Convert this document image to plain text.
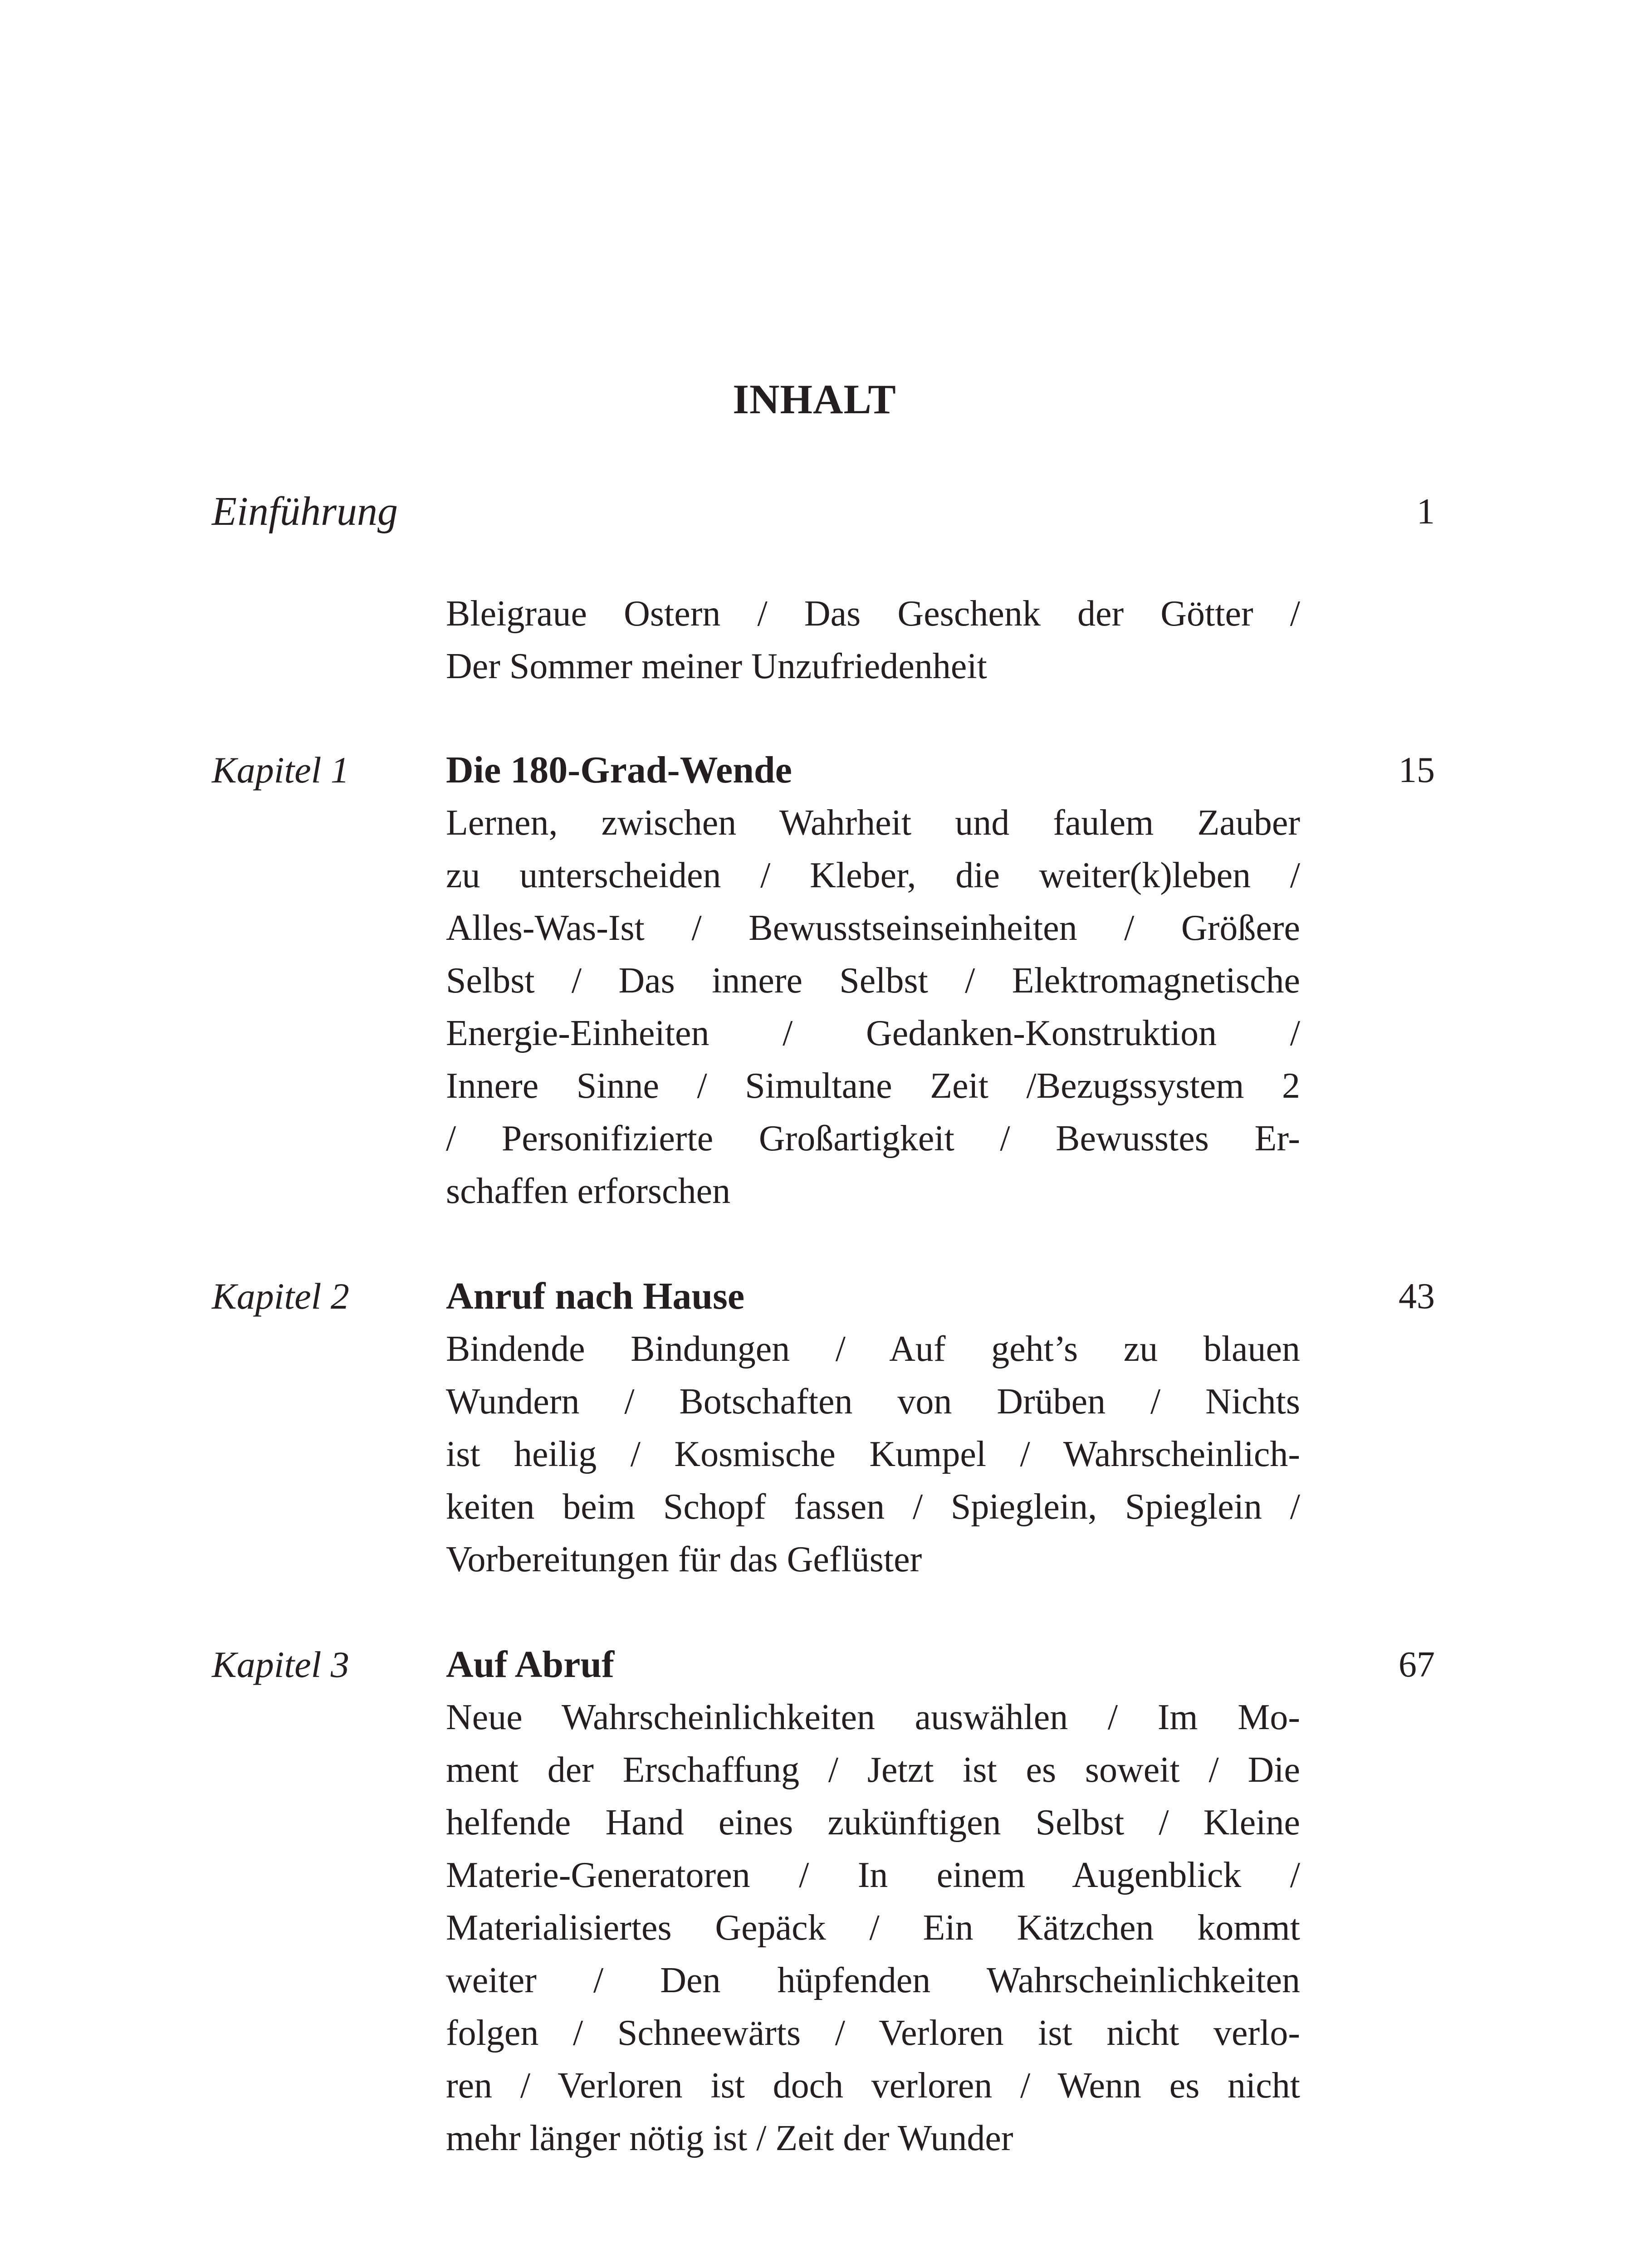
INHALT
Einführung	1
Bleigraue Ostern / Das Geschenk der Götter /
Der Sommer meiner Unzufriedenheit
Kapitel 1	15
Die 180-Grad-Wende
Lernen, zwischen Wahrheit und faulem Zauber
zu unterscheiden / Kleber, die weiter(k)leben /
Alles-Was-Ist / Bewusstseinseinheiten / Größere
Selbst / Das innere Selbst / Elektromagnetische
Energie-Einheiten / Gedanken-Konstruktion /
Innere Sinne / Simultane Zeit /Bezugssystem 2
/ Personifizierte Großartigkeit / Bewusstes Er-
schaffen erforschen
Kapitel 2	43
Anruf nach Hause
Bindende Bindungen / Auf geht’s zu blauen
Wundern / Botschaften von Drüben / Nichts
ist heilig / Kosmische Kumpel / Wahrscheinlich-
keiten beim Schopf fassen / Spieglein, Spieglein /
Vorbereitungen für das Geflüster
Kapitel 3	67
Auf Abruf
Neue Wahrscheinlichkeiten auswählen / Im Mo-
ment der Erschaffung / Jetzt ist es soweit / Die
helfende Hand eines zukünftigen Selbst / Kleine
Materie-Generatoren / In einem Augenblick /
Materialisiertes Gepäck / Ein Kätzchen kommt
weiter / Den hüpfenden Wahrscheinlichkeiten
folgen / Schneewärts / Verloren ist nicht verlo-
ren / Verloren ist doch verloren / Wenn es nicht
mehr länger nötig ist / Zeit der Wunder
